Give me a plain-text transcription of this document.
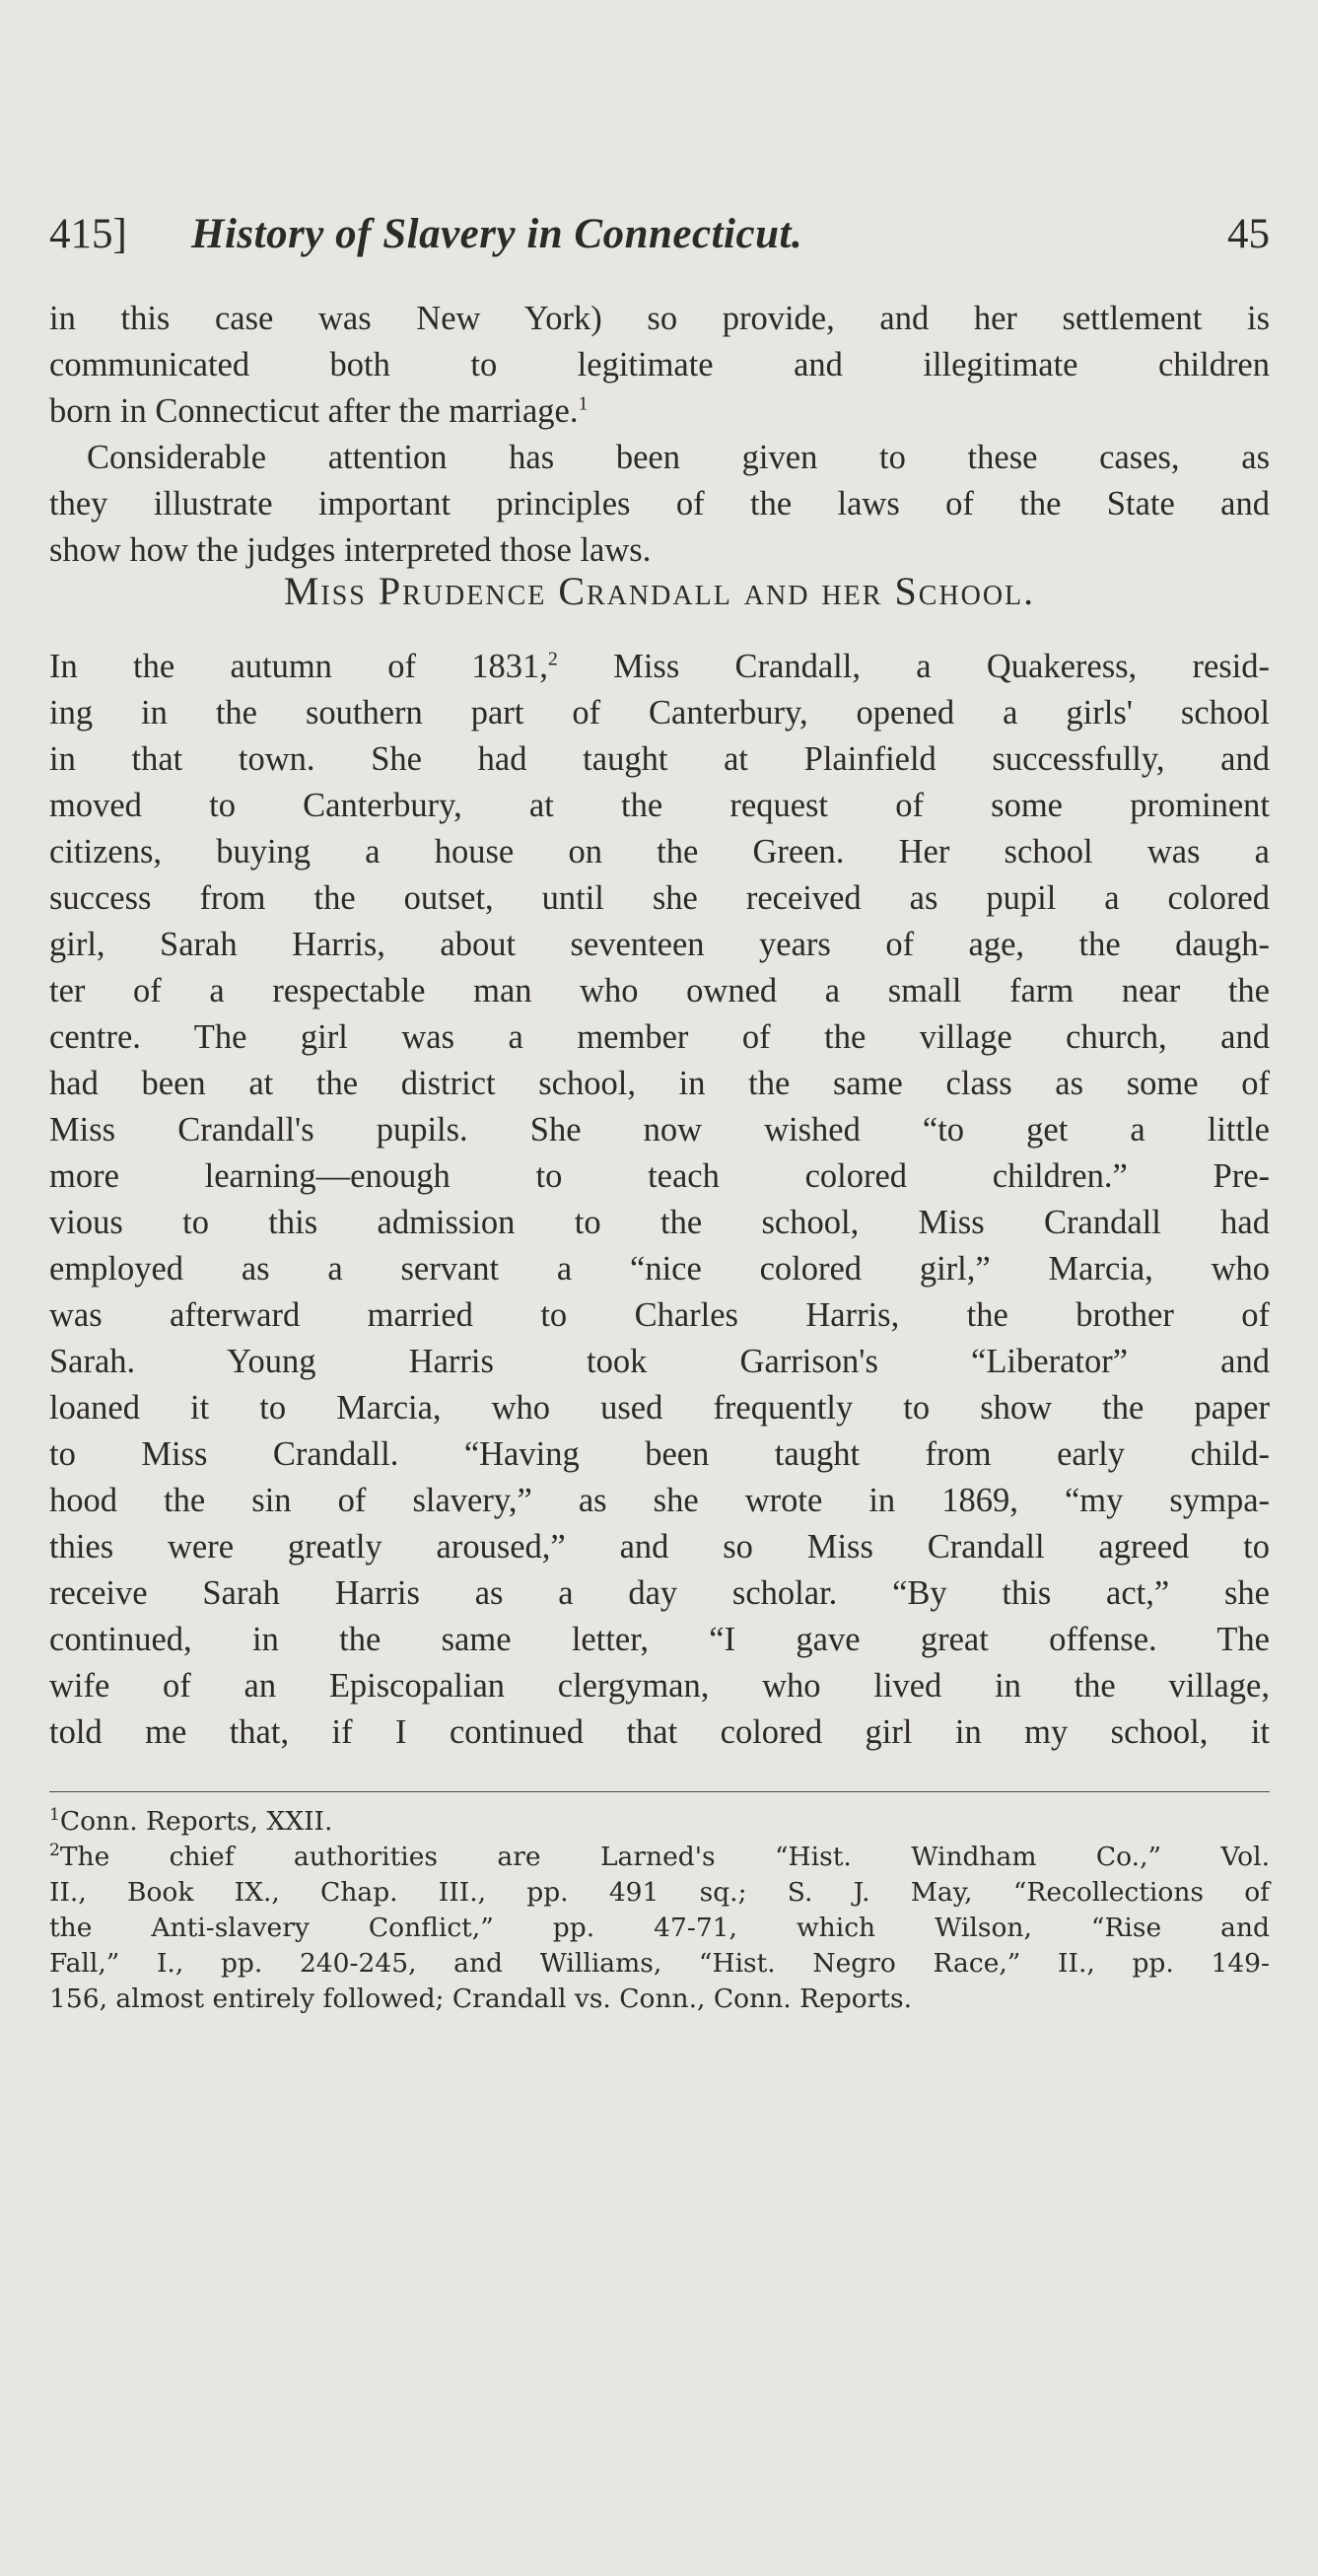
415] History of Slavery in Connecticut.	45
in this case was New York) so provide, and her settlement is
communicated both to legitimate and illegitimate children
born in Connecticut after the marriage.$^1$
Considerable attention has been given to these cases, as
they illustrate important principles of the laws of the State and
show how the judges interpreted those laws.
Miss Prudence Crandall and her School.
In the autumn of 1831,$^2$ Miss Crandall, a Quakeress, resid-
ing in the southern part of Canterbury, opened a girls' school
in that town. She had taught at Plainfield successfully, and
moved to Canterbury, at the request of some prominent
citizens, buying a house on the Green. Her school was a
success from the outset, until she received as pupil a colored
girl, Sarah Harris, about seventeen years of age, the daugh-
ter of a respectable man who owned a small farm near the
centre. The girl was a member of the village church, and
had been at the district school, in the same class as some of
Miss Crandall's pupils. She now wished “to get a little
more learning—enough to teach colored children.” Pre-
vious to this admission to the school, Miss Crandall had
employed as a servant a “nice colored girl,” Marcia, who
was afterward married to Charles Harris, the brother of
Sarah. Young Harris took Garrison's “Liberator” and
loaned it to Marcia, who used frequently to show the paper
to Miss Crandall. “Having been taught from early child-
hood the sin of slavery,” as she wrote in 1869, “my sympa-
thies were greatly aroused,” and so Miss Crandall agreed to
receive Sarah Harris as a day scholar. “By this act,” she
continued, in the same letter, “I gave great offense. The
wife of an Episcopalian clergyman, who lived in the village,
told me that, if I continued that colored girl in my school, it
$^1$Conn. Reports, XXII.
$^2$The chief authorities are Larned's “Hist. Windham Co.,” Vol.
II., Book IX., Chap. III., pp. 491 sq.; S. J. May, “Recollections of
the Anti-slavery Conflict,” pp. 47-71, which Wilson, “Rise and
Fall,” I., pp. 240-245, and Williams, “Hist. Negro Race,” II., pp. 149-
156, almost entirely followed; Crandall vs. Conn., Conn. Reports.
